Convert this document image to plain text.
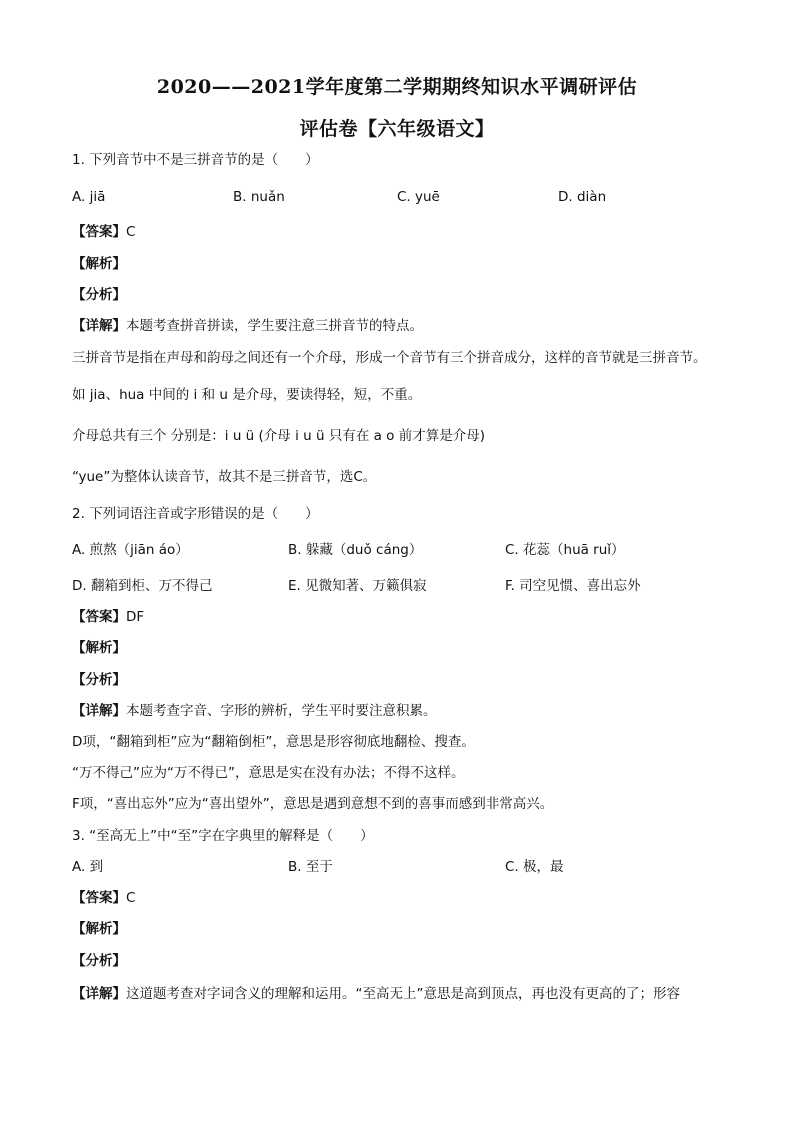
2020——2021学年度第二学期期终知识水平调研评估
评估卷【六年级语文】
1. 下列音节中不是三拼音节的是（　　）
A. jiā	B. nuǎn	C. yuē	D. diàn
【答案】C
【解析】
【分析】
【详解】本题考查拼音拼读，学生要注意三拼音节的特点。
三拼音节是指在声母和韵母之间还有一个介母，形成一个音节有三个拼音成分，这样的音节就是三拼音节。
如 jia、hua 中间的 i 和 u 是介母，要读得轻，短，不重。
介母总共有三个 分别是：i u ü (介母 i u ü 只有在 a o 前才算是介母)
“yue”为整体认读音节，故其不是三拼音节，选C。
2. 下列词语注音或字形错误的是（　　）
A. 煎熬（jiān áo）	B. 躲藏（duǒ cáng）	C. 花蕊（huā ruǐ）
D. 翻箱到柜、万不得己	E. 见微知著、万籁俱寂	F. 司空见惯、喜出忘外
【答案】DF
【解析】
【分析】
【详解】本题考查字音、字形的辨析，学生平时要注意积累。
D项，“翻箱到柜”应为“翻箱倒柜”，意思是形容彻底地翻检、搜查。
“万不得己”应为“万不得已”，意思是实在没有办法；不得不这样。
F项，“喜出忘外”应为“喜出望外”，意思是遇到意想不到的喜事而感到非常高兴。
3. “至高无上”中“至”字在字典里的解释是（　　）
A. 到	B. 至于	C. 极，最
【答案】C
【解析】
【分析】
【详解】这道题考查对字词含义的理解和运用。“至高无上”意思是高到顶点，再也没有更高的了；形容
